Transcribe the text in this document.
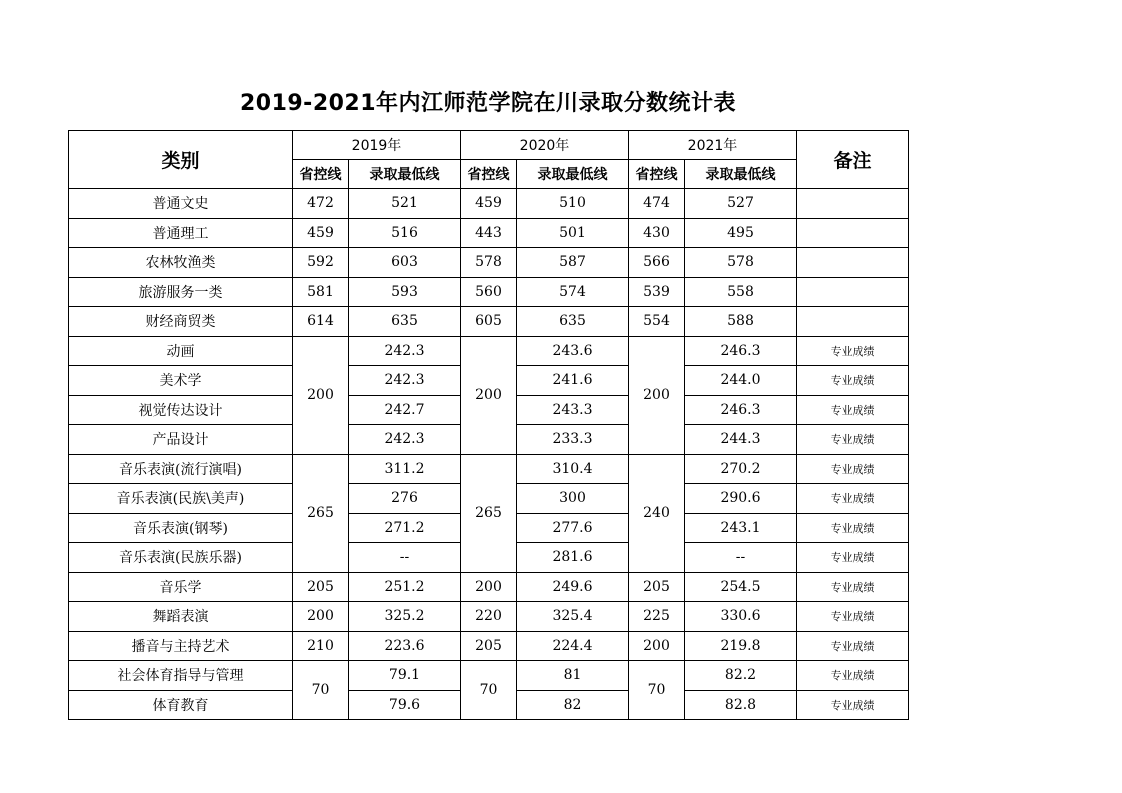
2019-2021年内江师范学院在川录取分数统计表
类别	2019年		2020年		2021年		备注
	省控线	录取最低线	省控线	录取最低线	省控线	录取最低线	
普通文史	472	521	459	510	474	527	
普通理工	459	516	443	501	430	495	
农林牧渔类	592	603	578	587	566	578	
旅游服务一类	581	593	560	574	539	558	
财经商贸类	614	635	605	635	554	588	
动画	200	242.3	200	243.6	200	246.3	专业成绩
美术学		242.3		241.6		244.0	专业成绩
视觉传达设计		242.7		243.3		246.3	专业成绩
产品设计		242.3		233.3		244.3	专业成绩
音乐表演(流行演唱)	265	311.2	265	310.4	240	270.2	专业成绩
音乐表演(民族\美声)		276		300		290.6	专业成绩
音乐表演(钢琴)		271.2		277.6		243.1	专业成绩
音乐表演(民族乐器)		--		281.6		--	专业成绩
音乐学	205	251.2	200	249.6	205	254.5	专业成绩
舞蹈表演	200	325.2	220	325.4	225	330.6	专业成绩
播音与主持艺术	210	223.6	205	224.4	200	219.8	专业成绩
社会体育指导与管理	70	79.1	70	81	70	82.2	专业成绩
体育教育		79.6		82		82.8	专业成绩
